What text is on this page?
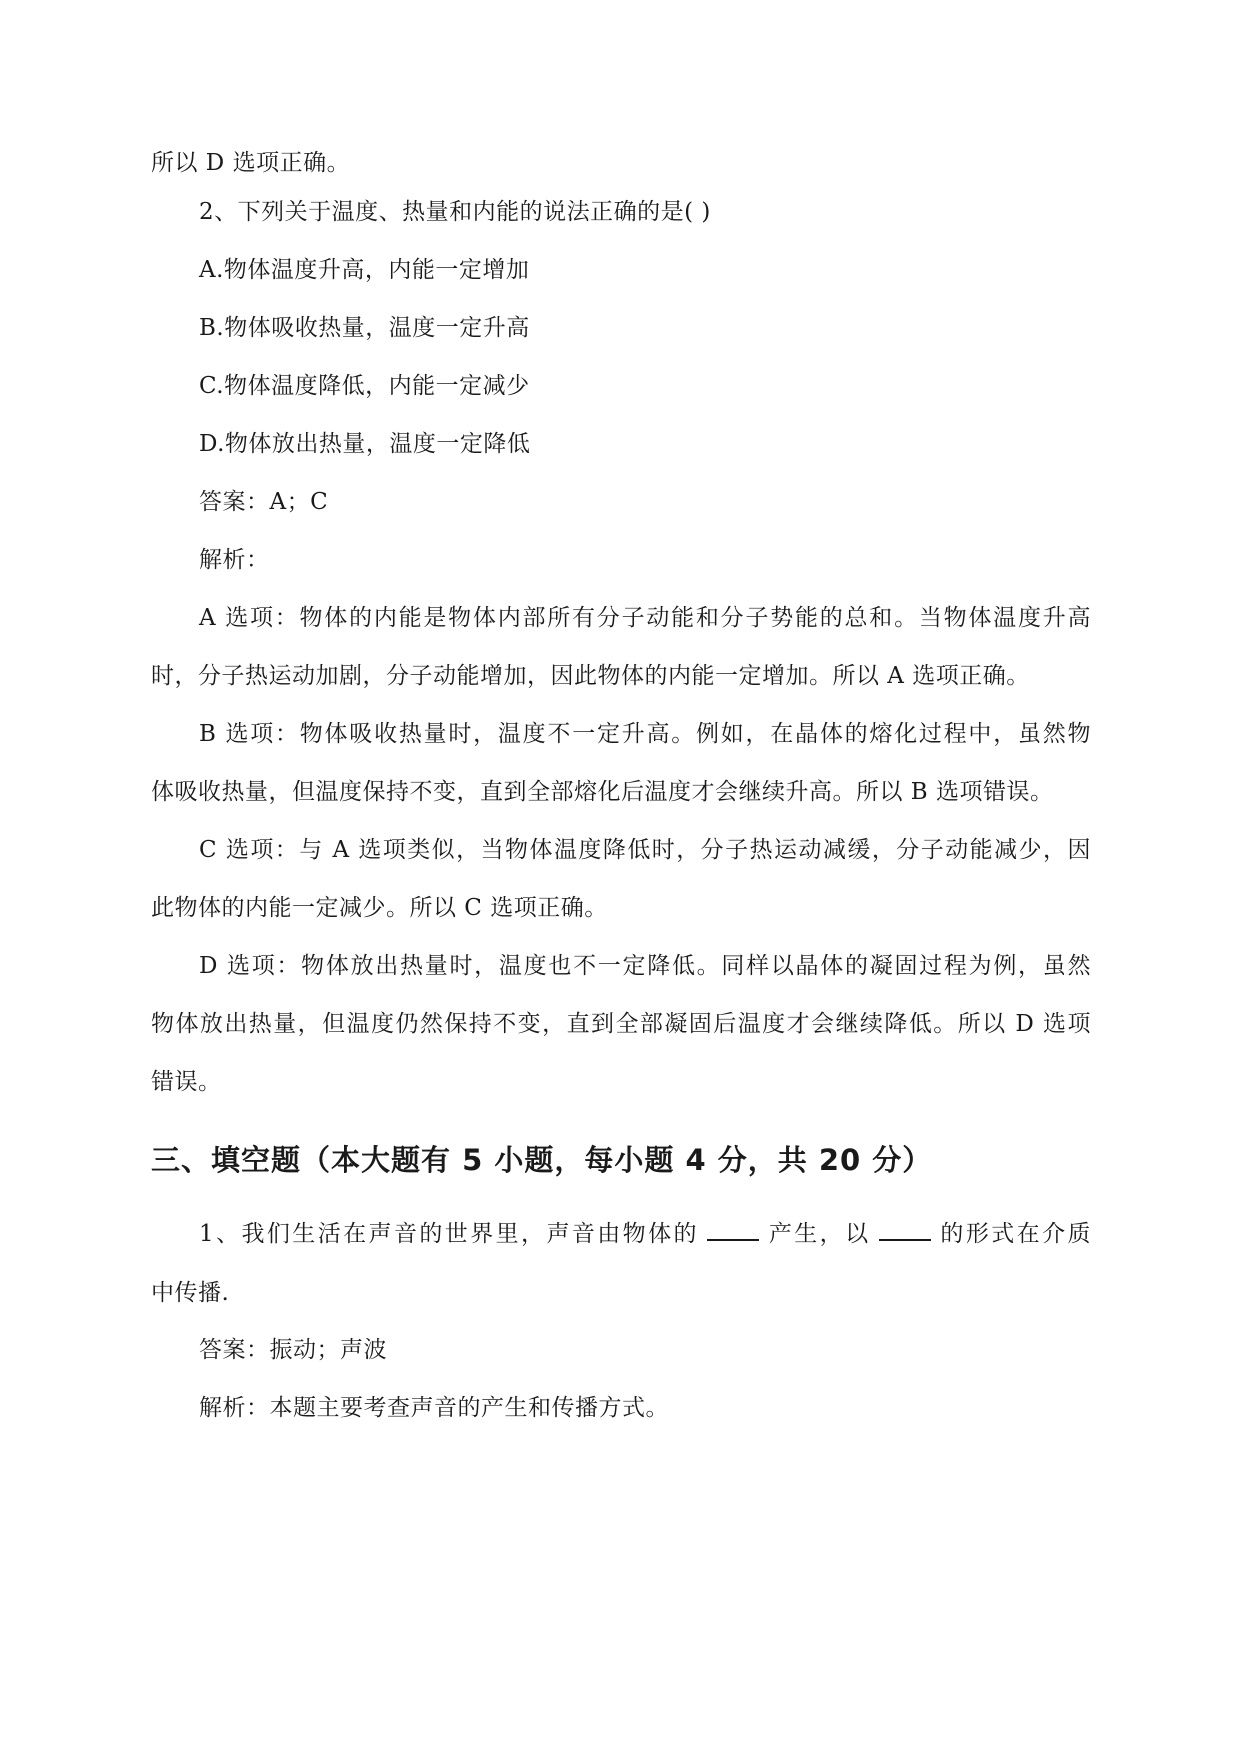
所以 D 选项正确。
2、下列关于温度、热量和内能的说法正确的是( )
A.物体温度升高，内能一定增加
B.物体吸收热量，温度一定升高
C.物体温度降低，内能一定减少
D.物体放出热量，温度一定降低
答案：A；C
解析：
A 选项：物体的内能是物体内部所有分子动能和分子势能的总和。当物体温度升高
时，分子热运动加剧，分子动能增加，因此物体的内能一定增加。所以 A 选项正确。
B 选项：物体吸收热量时，温度不一定升高。例如，在晶体的熔化过程中，虽然物
体吸收热量，但温度保持不变，直到全部熔化后温度才会继续升高。所以 B 选项错误。
C 选项：与 A 选项类似，当物体温度降低时，分子热运动减缓，分子动能减少，因
此物体的内能一定减少。所以 C 选项正确。
D 选项：物体放出热量时，温度也不一定降低。同样以晶体的凝固过程为例，虽然
物体放出热量，但温度仍然保持不变，直到全部凝固后温度才会继续降低。所以 D 选项
错误。
三、填空题（本大题有 5 小题，每小题 4 分，共 20 分）
1、我们生活在声音的世界里，声音由物体的	产生，以	的形式在介质
中传播.
答案：振动；声波
解析：本题主要考查声音的产生和传播方式。
